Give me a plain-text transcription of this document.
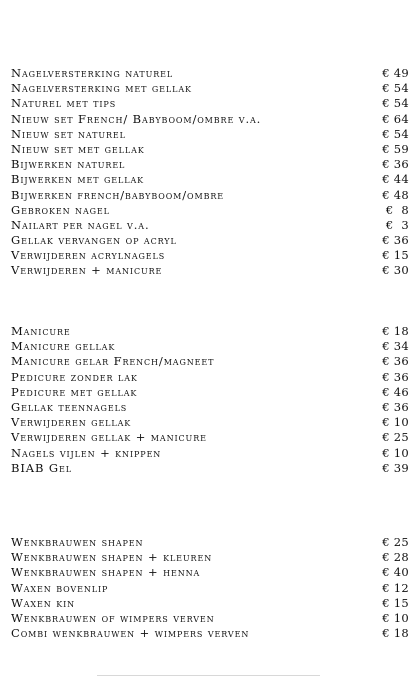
Nagelversterking naturel	€ 49
Nagelversterking met gellak	€ 54
Naturel met tips	€ 54
Nieuw set French/ Babyboom/ombre v.a.	€ 64
Nieuw set naturel	€ 54
Nieuw set met gellak	€ 59
Bijwerken naturel	€ 36
Bijwerken met gellak	€ 44
Bijwerken french/babyboom/ombre	€ 48
Gebroken nagel	€  8
Nailart per nagel v.a.	€  3
Gellak vervangen op acryl	€ 36
Verwijderen acrylnagels	€ 15
Verwijderen + manicure	€ 30
Manicure	€ 18
Manicure gellak	€ 34
Manicure gelar French/magneet	€ 36
Pedicure zonder lak	€ 36
Pedicure met gellak	€ 46
Gellak teennagels	€ 36
Verwijderen gellak	€ 10
Verwijderen gellak + manicure	€ 25
Nagels vijlen + knippen	€ 10
BIAB Gel	€ 39
Wenkbrauwen shapen	€ 25
Wenkbrauwen shapen + kleuren	€ 28
Wenkbrauwen shapen + henna	€ 40
Waxen bovenlip	€ 12
Waxen kin	€ 15
Wenkbrauwen of wimpers verven	€ 10
Combi wenkbrauwen + wimpers verven	€ 18
